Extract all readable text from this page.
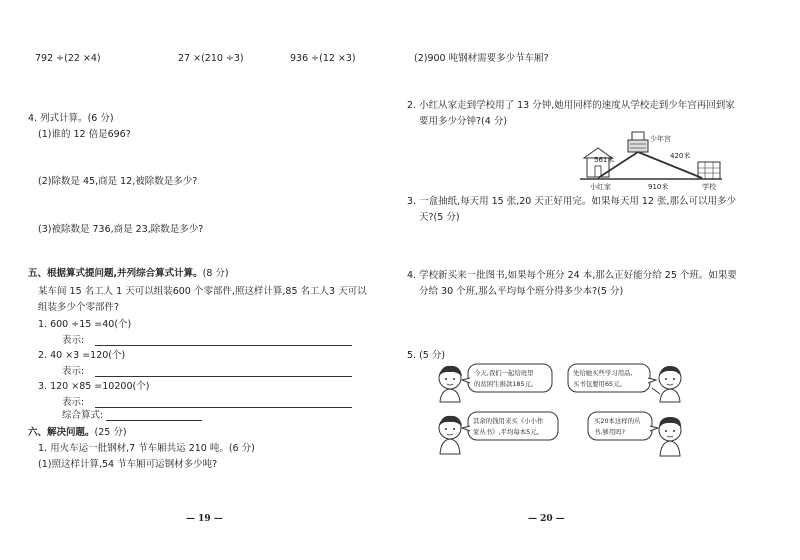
792 ÷(22 ×4)	27 ×(210 ÷3)	936 ÷(12 ×3)
4. 列式计算。(6 分)
(1)谁的 12 倍是696?
(2)除数是 45,商是 12,被除数是多少?
(3)被除数是 736,商是 23,除数是多少?
五、根据算式提问题,并列综合算式计算。(8 分)
某车间 15 名工人 1 天可以组装600 个零部件,照这样计算,85 名工人3 天可以
组装多少个零部件?
1. 600 ÷15 =40(个)
表示:
2. 40 ×3 =120(个)
表示:
3. 120 ×85 =10200(个)
表示:
综合算式:
六、解决问题。(25 分)
1. 用火车运一批钢材,7 节车厢共运 210 吨。(6 分)
(1)照这样计算,54 节车厢可运钢材多少吨?
— 19 —
(2)900 吨钢材需要多少节车厢?
2. 小红从家走到学校用了 13 分钟,她用同样的速度从学校走到少年宫再回到家
要用多少分钟?(4 分)
少年宫
561米	420米
小红家	910米	学校
3. 一盒抽纸,每天用 15 张,20 天正好用完。如果每天用 12 张,那么可以用多少
天?(5 分)
4. 学校新买来一批图书,如果每个班分 24 本,那么正好能分给 25 个班。如果要
分给 30 个班,那么平均每个班分得多少本?(5 分)
5. (5 分)
今天,我们一起给班里
的贫困生捐款185元。
先给她买些学习用品,
买书包要用65元。
其余的钱用来买《小小作
家丛书》,平均每本5元。
买20本这样的丛
书,够用吗?
— 20 —
